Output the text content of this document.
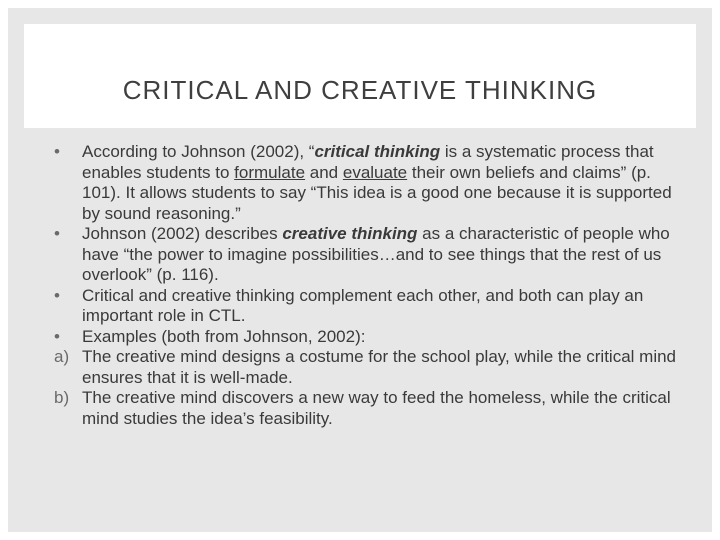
CRITICAL AND CREATIVE THINKING
•	According to Johnson (2002), “critical thinking is a systematic process that enables students to formulate and evaluate their own beliefs and claims” (p. 101). It allows students to say “This idea is a good one because it is supported by sound reasoning.”
•	Johnson (2002) describes creative thinking as a characteristic of people who have “the power to imagine possibilities…and to see things that the rest of us overlook” (p. 116).
•	Critical and creative thinking complement each other, and both can play an important role in CTL.
•	Examples (both from Johnson, 2002):
a) The creative mind designs a costume for the school play, while the critical mind ensures that it is well-made.
b) The creative mind discovers a new way to feed the homeless, while the critical mind studies the idea’s feasibility.
